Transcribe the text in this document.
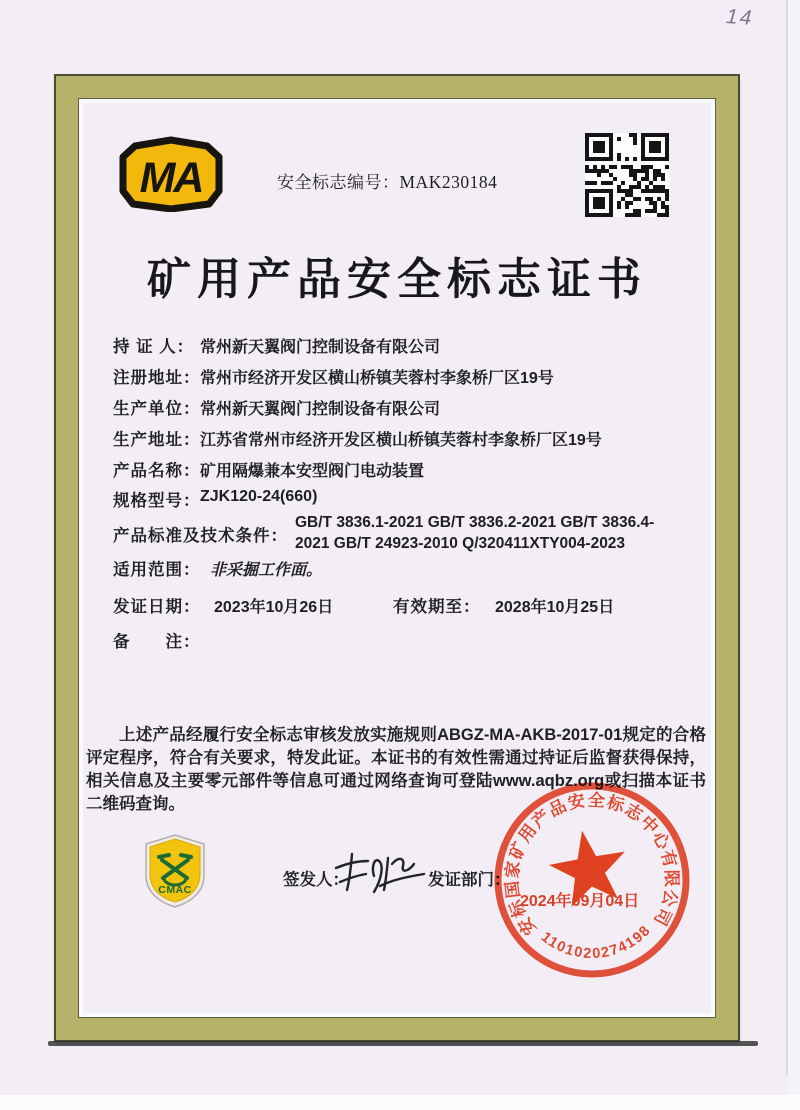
14
MA	安全标志编号：MAK230184
矿用产品安全标志证书
持 证 人： 常州新天翼阀门控制设备有限公司
注册地址： 常州市经济开发区横山桥镇芙蓉村李象桥厂区19号
生产单位： 常州新天翼阀门控制设备有限公司
生产地址： 江苏省常州市经济开发区横山桥镇芙蓉村李象桥厂区19号
产品名称： 矿用隔爆兼本安型阀门电动装置
规格型号： ZJK120-24(660)
产品标准及技术条件：
GB/T 3836.1-2021 GB/T 3836.2-2021 GB/T 3836.4-2021 GB/T 24923-2010 Q/320411XTY004-2023
适用范围： 非采掘工作面。
发证日期： 2023年10月26日	有效期至： 2028年10月25日
备　　注：
上述产品经履行安全标志审核发放实施规则ABGZ-MA-AKB-2017-01规定的合格评定程序，符合有关要求，特发此证。本证书的有效性需通过持证后监督获得保持，相关信息及主要零元部件等信息可通过网络查询可登陆www.aqbz.org或扫描本证书二维码查询。
CMAC
签发人：	发证部门：
安标国家矿用产品安全标志中心有限公司
1101020274198
2024年09月04日
